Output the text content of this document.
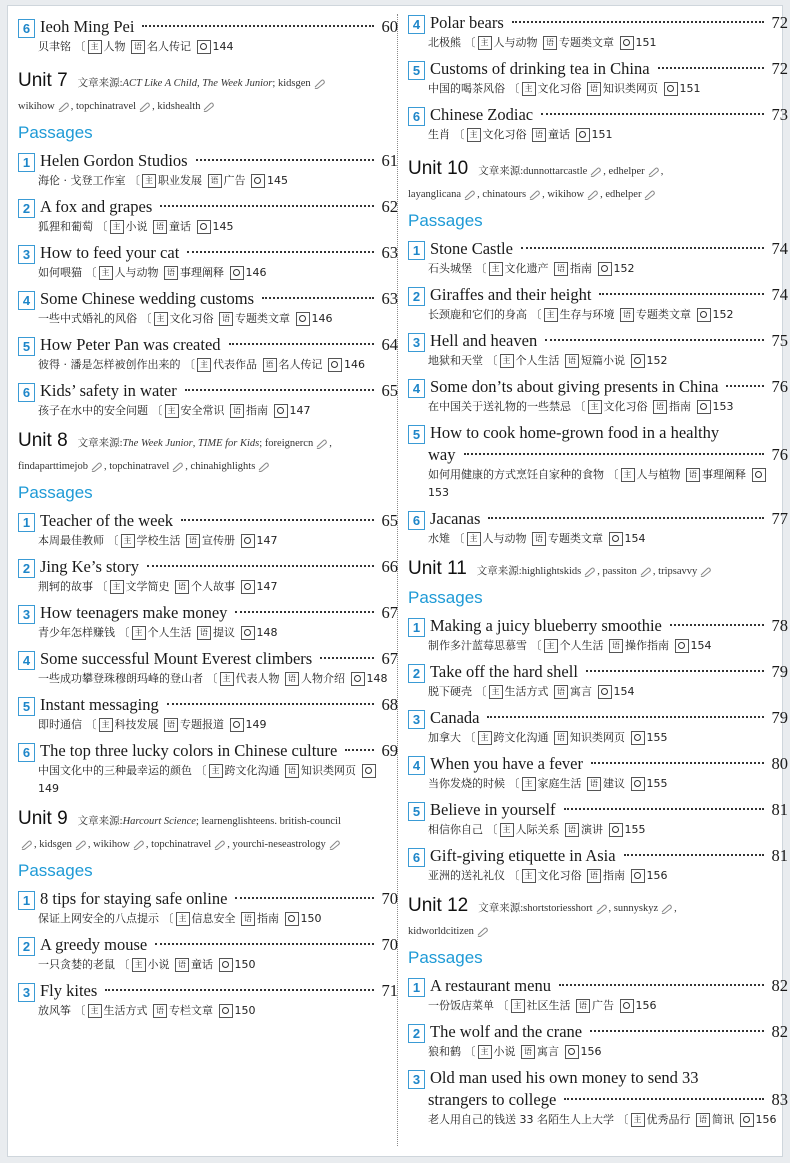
6 Ieoh Ming Pei	60
贝聿铭 〔 主 人物 语 名人传记 144
Unit 7 文章来源:ACT Like A Child, The Week Junior; kidsgen
wikihow , topchinatravel , kidshealth
Passages
1 Helen Gordon Studios	61
海伦 · 戈登工作室 〔 主 职业发展 语 广告 145
2 A fox and grapes	62
狐狸和葡萄 〔 主 小说 语 童话 145
3 How to feed your cat	63
如何喂猫 〔 主 人与动物 语 事理阐释 146
4 Some Chinese wedding customs	63
一些中式婚礼的风俗 〔 主 文化习俗 语 专题类文章 146
5 How Peter Pan was created	64
彼得 · 潘是怎样被创作出来的 〔 主 代表作品 语 名人传记 146
6 Kids’ safety in water	65
孩子在水中的安全问题 〔 主 安全常识 语 指南 147
Unit 8 文章来源:The Week Junior, TIME for Kids; foreignercn ,
findaparttimejob , topchinatravel , chinahighlights
Passages
1 Teacher of the week	65
本周最佳教师 〔 主 学校生活 语 宣传册 147
2 Jing Ke’s story	66
荆轲的故事 〔 主 文学简史 语 个人故事 147
3 How teenagers make money	67
青少年怎样赚钱 〔 主 个人生活 语 提议 148
4 Some successful Mount Everest climbers	67
一些成功攀登珠穆朗玛峰的登山者 〔 主 代表人物 语 人物介绍 148
5 Instant messaging	68
即时通信 〔 主 科技发展 语 专题报道 149
6 The top three lucky colors in Chinese culture	69
中国文化中的三种最幸运的颜色 〔 主 跨文化沟通 语 知识类网页 149
Unit 9 文章来源:Harcourt Science; learnenglishteens. british-council
, kidsgen , wikihow , topchinatravel , yourchi-neseastrology
Passages
1 8 tips for staying safe online	70
保证上网安全的八点提示 〔 主 信息安全 语 指南 150
2 A greedy mouse	70
一只贪婪的老鼠 〔 主 小说 语 童话 150
3 Fly kites	71
放风筝 〔 主 生活方式 语 专栏文章 150
4 Polar bears	72
北极熊 〔 主 人与动物 语 专题类文章 151
5 Customs of drinking tea in China	72
中国的喝茶风俗 〔 主 文化习俗 语 知识类网页 151
6 Chinese Zodiac	73
生肖 〔 主 文化习俗 语 童话 151
Unit 10 文章来源:dunnottarcastle , edhelper ,
layanglicana , chinatours , wikihow , edhelper
Passages
1 Stone Castle	74
石头城堡 〔 主 文化遗产 语 指南 152
2 Giraffes and their height	74
长颈鹿和它们的身高 〔 主 生存与环境 语 专题类文章 152
3 Hell and heaven	75
地狱和天堂 〔 主 个人生活 语 短篇小说 152
4 Some don’ts about giving presents in China	76
在中国关于送礼物的一些禁忌 〔 主 文化习俗 语 指南 153
5 How to cook home-grown food in a healthy
way	76
如何用健康的方式烹饪自家种的食物 〔 主 人与植物 语 事理阐释 153
6 Jacanas	77
水雉 〔 主 人与动物 语 专题类文章 154
Unit 11 文章来源:highlightskids , passiton , tripsavvy
Passages
1 Making a juicy blueberry smoothie	78
制作多汁蓝莓思慕雪 〔 主 个人生活 语 操作指南 154
2 Take off the hard shell	79
脱下硬壳 〔 主 生活方式 语 寓言 154
3 Canada	79
加拿大 〔 主 跨文化沟通 语 知识类网页 155
4 When you have a fever	80
当你发烧的时候 〔 主 家庭生活 语 建议 155
5 Believe in yourself	81
相信你自己 〔 主 人际关系 语 演讲 155
6 Gift-giving etiquette in Asia	81
亚洲的送礼礼仪 〔 主 文化习俗 语 指南 156
Unit 12 文章来源:shortstoriesshort , sunnyskyz ,
kidworldcitizen
Passages
1 A restaurant menu	82
一份饭店菜单 〔 主 社区生活 语 广告 156
2 The wolf and the crane	82
狼和鹤 〔 主 小说 语 寓言 156
3 Old man used his own money to send 33
strangers to college	83
老人用自己的钱送 33 名陌生人上大学 〔 主 优秀品行 语 简讯 156
